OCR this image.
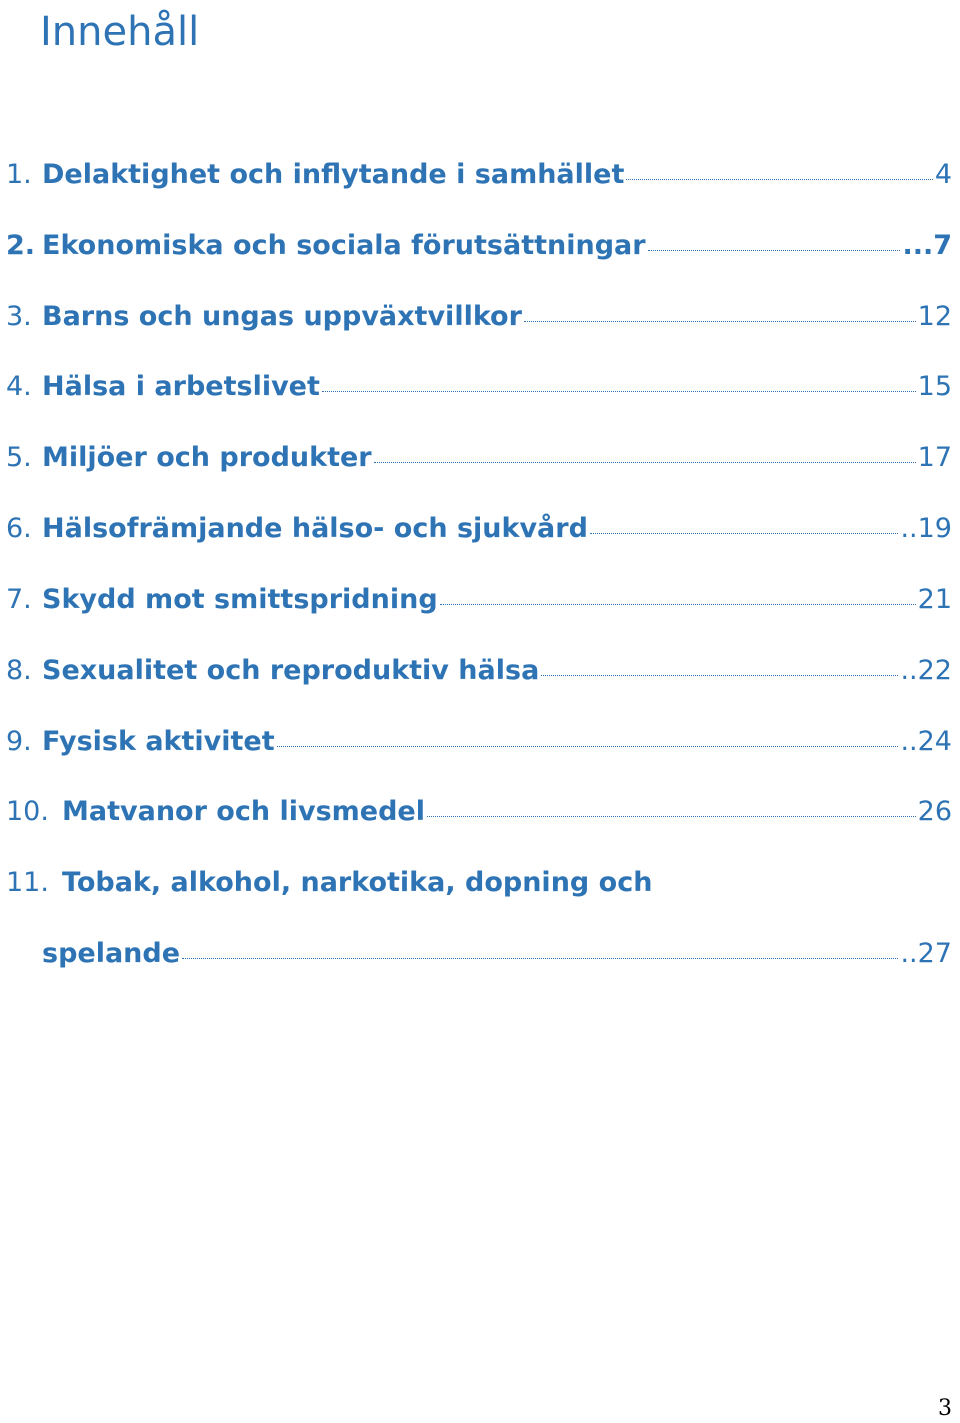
Innehåll
1. Delaktighet och inflytande i samhället	4
2. Ekonomiska och sociala förutsättningar	...7
3. Barns och ungas uppväxtvillkor	12
4. Hälsa i arbetslivet	15
5. Miljöer och produkter	17
6. Hälsofrämjande hälso- och sjukvård	..19
7. Skydd mot smittspridning	21
8. Sexualitet och reproduktiv hälsa	..22
9. Fysisk aktivitet	..24
10. Matvanor och livsmedel	26
11. Tobak, alkohol, narkotika, dopning och
spelande	..27
3
